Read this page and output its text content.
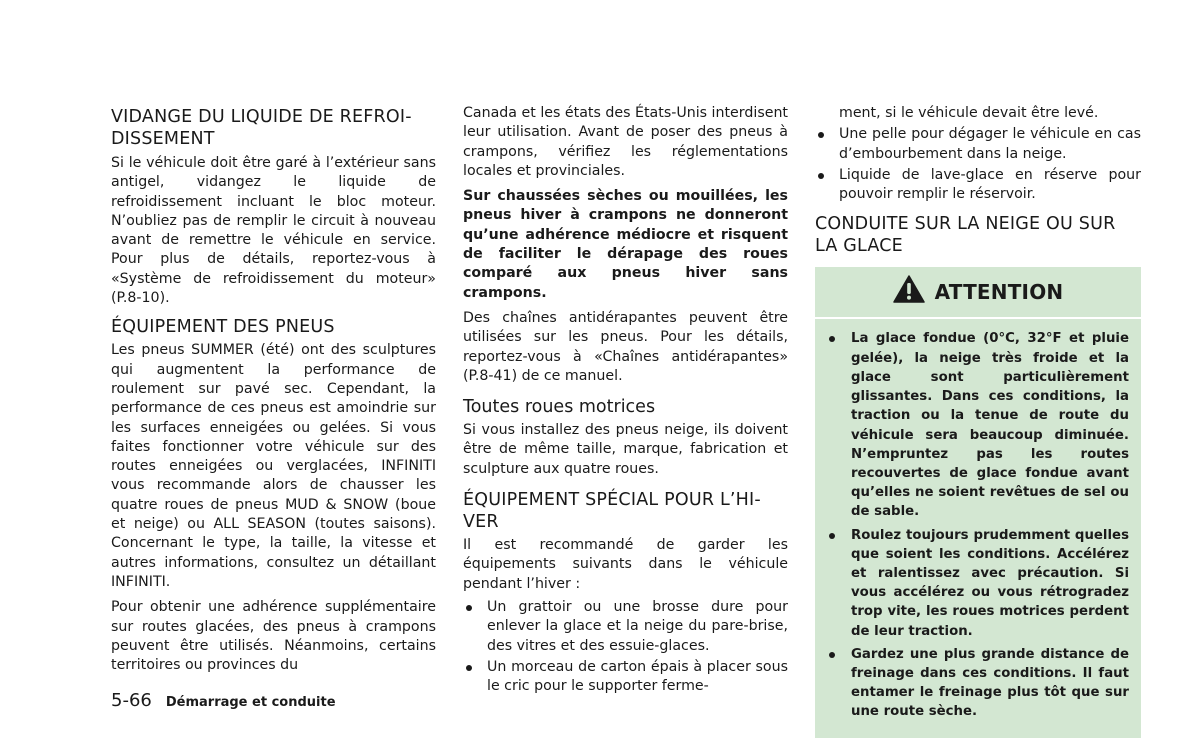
VIDANGE DU LIQUIDE DE REFROI-
DISSEMENT

Si le véhicule doit être garé à l’extérieur sans antigel, vidangez le liquide de refroidissement incluant le bloc moteur. N’oubliez pas de remplir le circuit à nouveau avant de remettre le véhicule en service. Pour plus de détails, reportez-vous à «Système de refroidissement du moteur» (P.8-10).

ÉQUIPEMENT DES PNEUS

Les pneus SUMMER (été) ont des sculptures qui augmentent la performance de roulement sur pavé sec. Cependant, la performance de ces pneus est amoindrie sur les surfaces enneigées ou gelées. Si vous faites fonctionner votre véhicule sur des routes enneigées ou verglacées, INFINITI vous recommande alors de chausser les quatre roues de pneus MUD & SNOW (boue et neige) ou ALL SEASON (toutes saisons). Concernant le type, la taille, la vitesse et autres informations, consultez un détaillant INFINITI.

Pour obtenir une adhérence supplémentaire sur routes glacées, des pneus à crampons peuvent être utilisés. Néanmoins, certains territoires ou provinces du

Canada et les états des États-Unis interdisent leur utilisation. Avant de poser des pneus à crampons, vérifiez les réglementations locales et provinciales.

Sur chaussées sèches ou mouillées, les pneus hiver à crampons ne donneront qu’une adhérence médiocre et risquent de faciliter le dérapage des roues comparé aux pneus hiver sans crampons.

Des chaînes antidérapantes peuvent être utilisées sur les pneus. Pour les détails, reportez-vous à «Chaînes antidérapantes» (P.8-41) de ce manuel.

Toutes roues motrices

Si vous installez des pneus neige, ils doivent être de même taille, marque, fabrication et sculpture aux quatre roues.

ÉQUIPEMENT SPÉCIAL POUR L’HI-
VER

Il est recommandé de garder les équipements suivants dans le véhicule pendant l’hiver :

Un grattoir ou une brosse dure pour enlever la glace et la neige du pare-brise, des vitres et des essuie-glaces.
Un morceau de carton épais à placer sous le cric pour le supporter ferme-

ment, si le véhicule devait être levé.

Une pelle pour dégager le véhicule en cas d’embourbement dans la neige.
Liquide de lave-glace en réserve pour pouvoir remplir le réservoir.
CONDUITE SUR LA NEIGE OU SUR LA GLACE
ATTENTION
La glace fondue (0°C, 32°F et pluie gelée), la neige très froide et la glace sont particulièrement glissantes. Dans ces conditions, la traction ou la tenue de route du véhicule sera beaucoup diminuée. N’empruntez pas les routes recouvertes de glace fondue avant qu’elles ne soient revêtues de sel ou de sable.
Roulez toujours prudemment quelles que soient les conditions. Accélérez et ralentissez avec précaution. Si vous accélérez ou vous rétrogradez trop vite, les roues motrices perdent de leur traction.
Gardez une plus grande distance de freinage dans ces conditions. Il faut entamer le freinage plus tôt que sur une route sèche.
5-66 Démarrage et conduite
